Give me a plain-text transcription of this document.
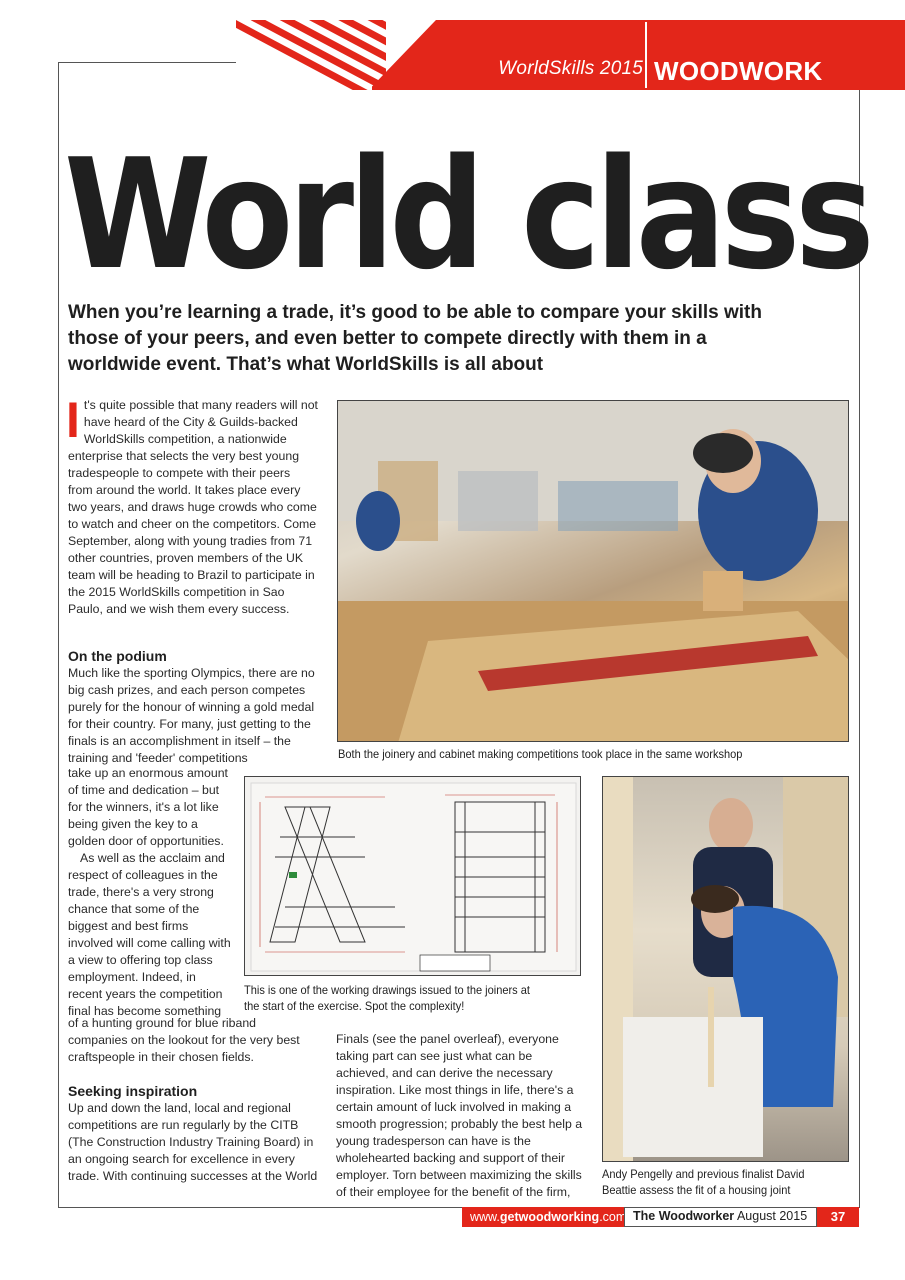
WorldSkills 2015 WOODWORK
World class

When you’re learning a trade, it’s good to be able to compare your skills with those of your peers, and even better to compete directly with them in a worldwide event. That’s what WorldSkills is all about

It's quite possible that many readers will not have heard of the City & Guilds-backed WorldSkills competition, a nationwide enterprise that selects the very best young tradespeople to compete with their peers from around the world. It takes place every two years, and draws huge crowds who come to watch and cheer on the competitors. Come September, along with young tradies from 71 other countries, proven members of the UK team will be heading to Brazil to participate in the 2015 WorldSkills competition in Sao Paulo, and we wish them every success.
On the podium

Much like the sporting Olympics, there are no big cash prizes, and each person competes purely for the honour of winning a gold medal for their country. For many, just getting to the finals is an accomplishment in itself – the training and 'feeder' competitions

take up an enormous amount of time and dedication – but for the winners, it's a lot like being given the key to a golden door of opportunities.

As well as the acclaim and respect of colleagues in the trade, there's a very strong chance that some of the biggest and best firms involved will come calling with a view to offering top class employment. Indeed, in recent years the competition final has become something

of a hunting ground for blue riband companies on the lookout for the very best craftspeople in their chosen fields.

Seeking inspiration

Up and down the land, local and regional competitions are run regularly by the CITB (The Construction Industry Training Board) in an ongoing search for excellence in every trade. With continuing successes at the World

Finals (see the panel overleaf), everyone taking part can see just what can be achieved, and can derive the necessary inspiration. Like most things in life, there's a certain amount of luck involved in making a smooth progression; probably the best help a young tradesperson can have is the wholehearted backing and support of their employer. Torn between maximizing the skills of their employee for the benefit of the firm,

Both the joinery and cabinet making competitions took place in the same workshop
This is one of the working drawings issued to the joiners at the start of the exercise. Spot the complexity!
Andy Pengelly and previous finalist David Beattie assess the fit of a housing joint
www.getwoodworking.com The Woodworker August 2015	37
